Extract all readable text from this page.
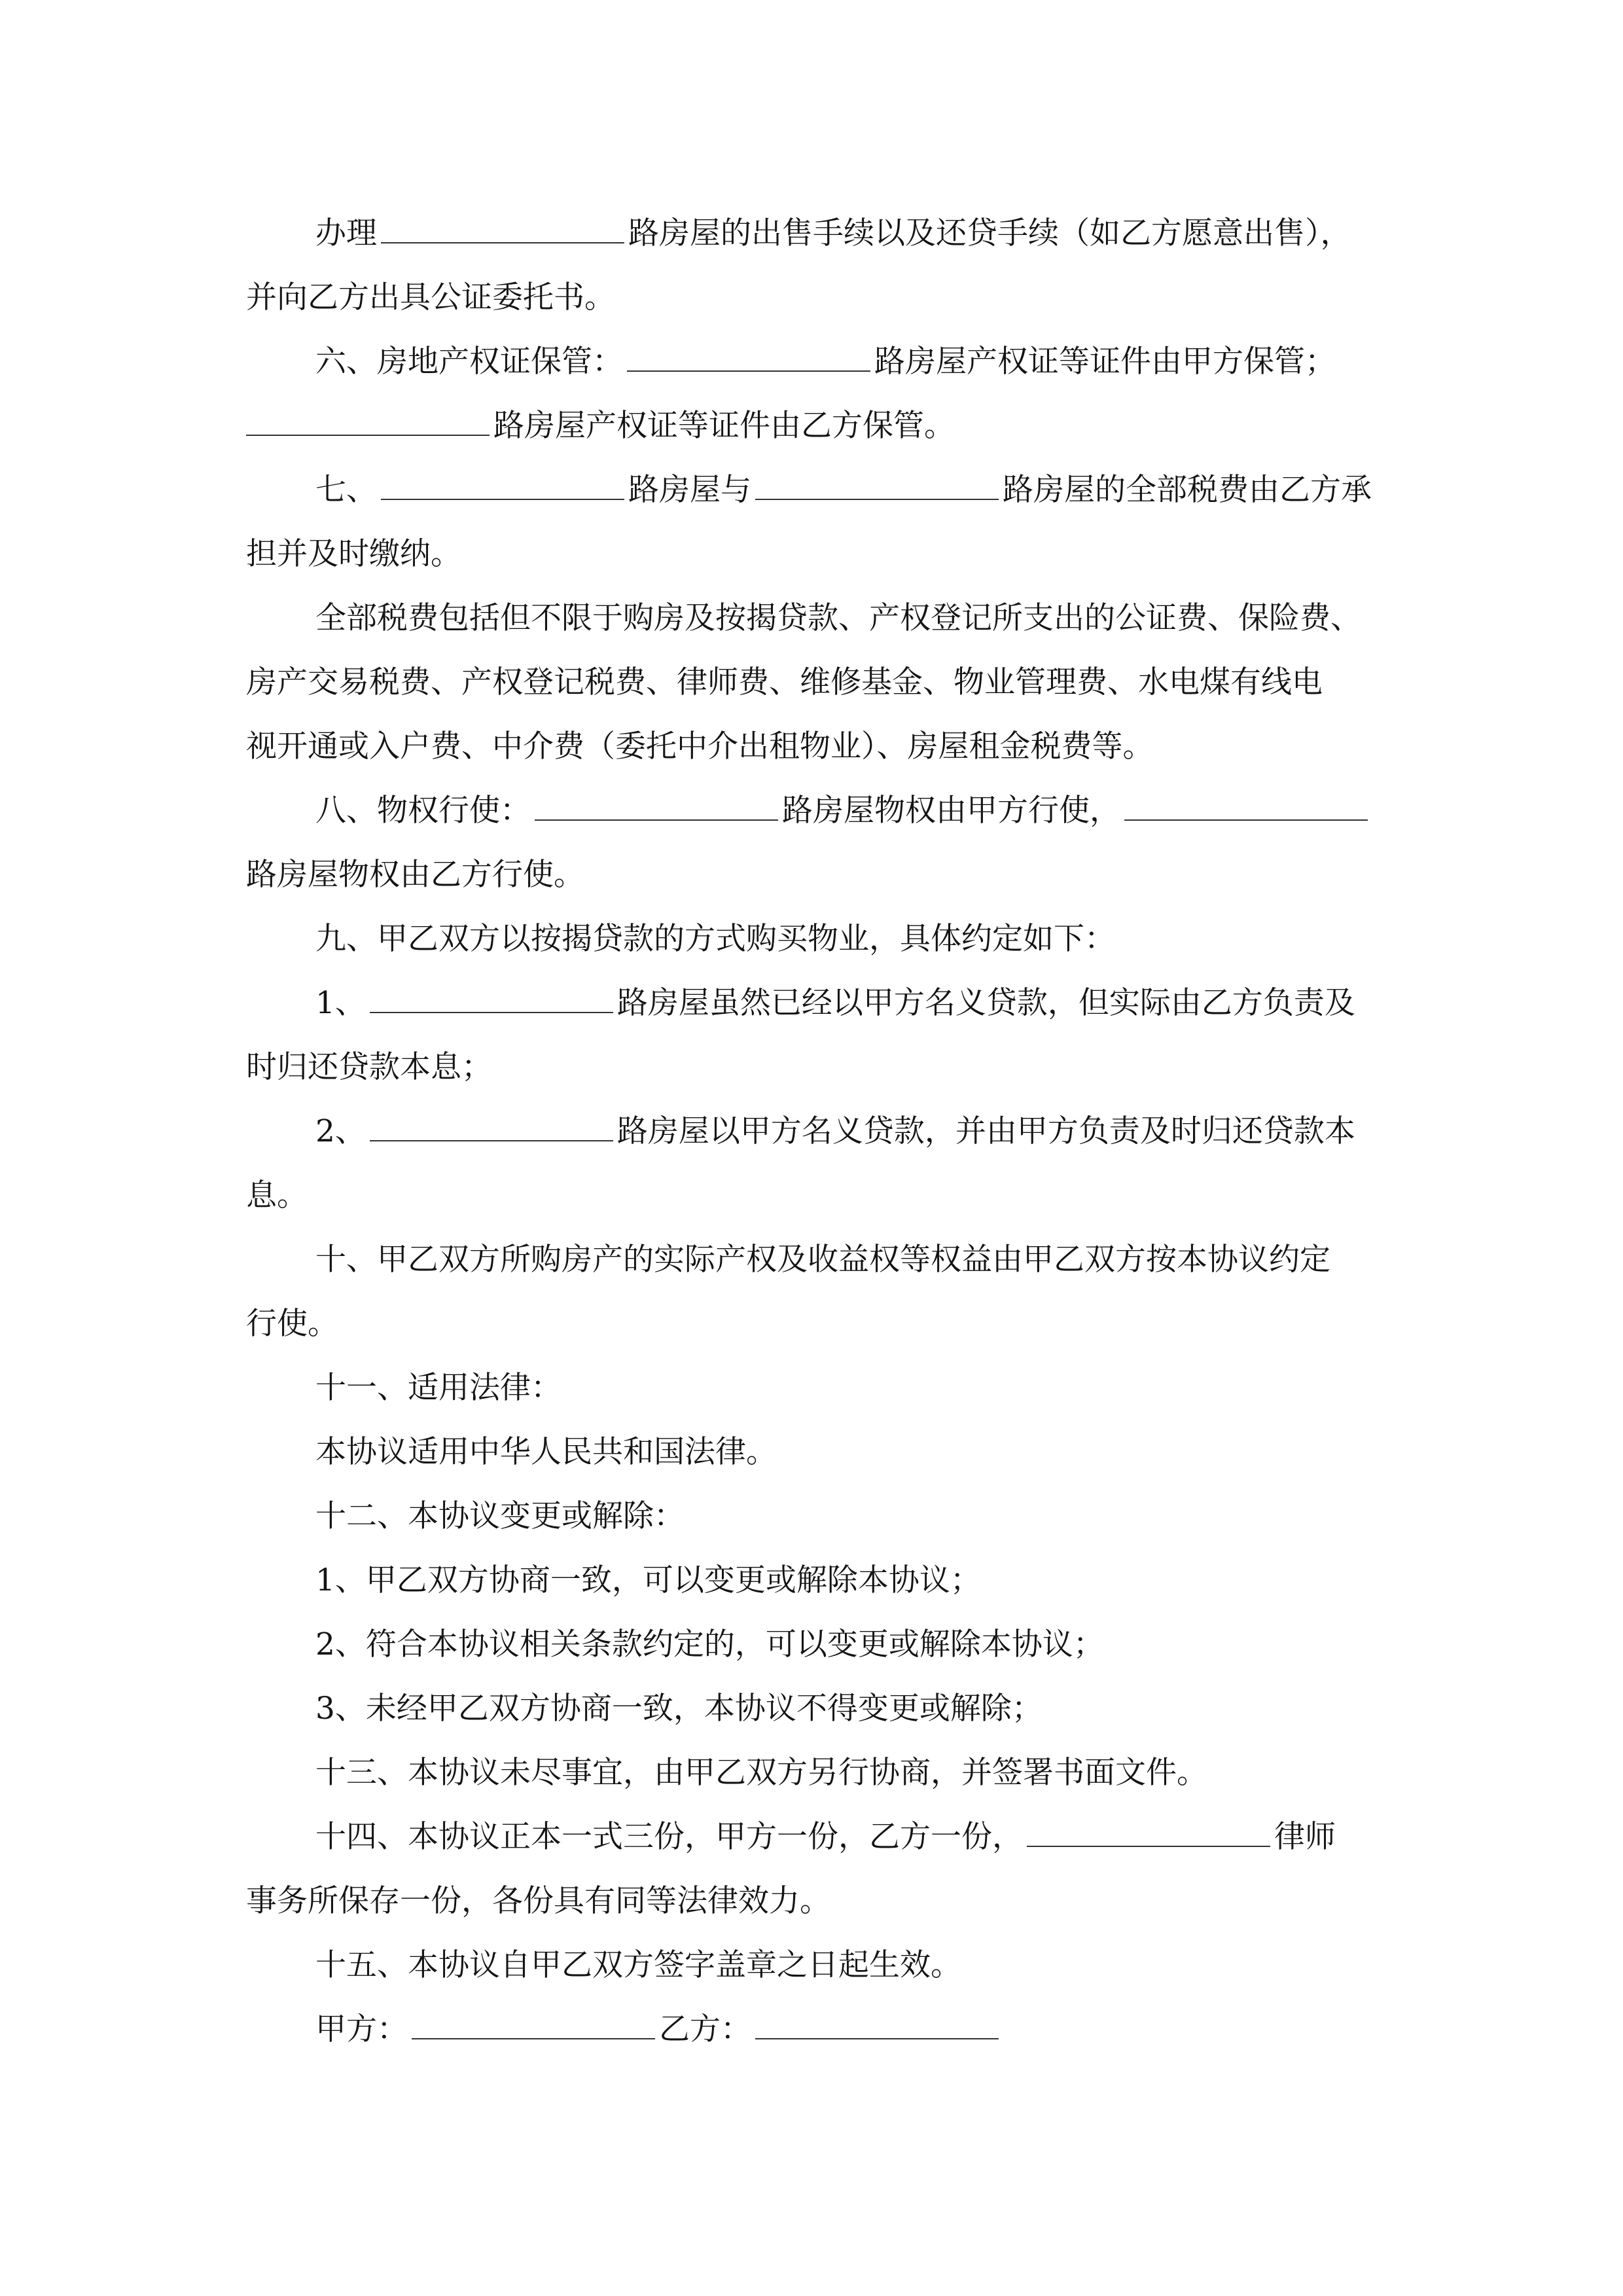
办理	路房屋的出售手续以及还贷手续（如乙方愿意出售），

并向乙方出具公证委托书。

六、房地产权证保管：	路房屋产权证等证件由甲方保管；

路房屋产权证等证件由乙方保管。

七、	路房屋与	路房屋的全部税费由乙方承

担并及时缴纳。

全部税费包括但不限于购房及按揭贷款、产权登记所支出的公证费、保险费、

房产交易税费、产权登记税费、律师费、维修基金、物业管理费、水电煤有线电

视开通或入户费、中介费（委托中介出租物业）、房屋租金税费等。

八、物权行使：	路房屋物权由甲方行使，

路房屋物权由乙方行使。

九、甲乙双方以按揭贷款的方式购买物业，具体约定如下：

1、	路房屋虽然已经以甲方名义贷款，但实际由乙方负责及

时归还贷款本息；

2、	路房屋以甲方名义贷款，并由甲方负责及时归还贷款本

息。

十、甲乙双方所购房产的实际产权及收益权等权益由甲乙双方按本协议约定

行使。

十一、适用法律：

本协议适用中华人民共和国法律。

十二、本协议变更或解除：

1、甲乙双方协商一致，可以变更或解除本协议；

2、符合本协议相关条款约定的，可以变更或解除本协议；

3、未经甲乙双方协商一致，本协议不得变更或解除；

十三、本协议未尽事宜，由甲乙双方另行协商，并签署书面文件。

十四、本协议正本一式三份，甲方一份，乙方一份，	律师

事务所保存一份，各份具有同等法律效力。

十五、本协议自甲乙双方签字盖章之日起生效。

甲方：	乙方：
